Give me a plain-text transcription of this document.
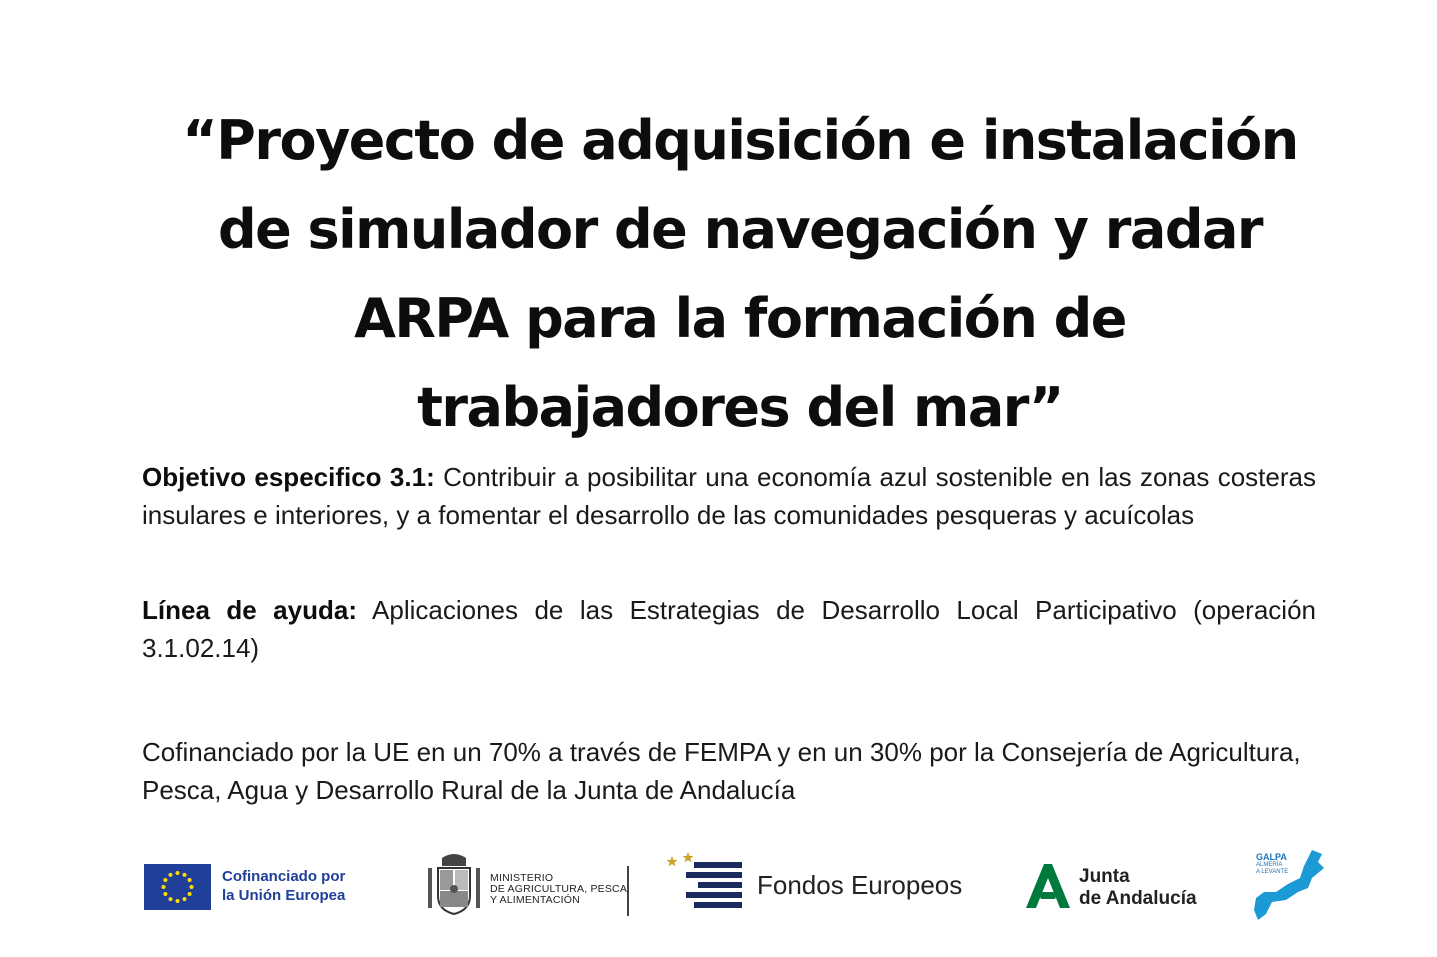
“Proyecto de adquisición e instalación
de simulador de navegación y radar
ARPA para la formación de
trabajadores del mar”
Objetivo especifico 3.1: Contribuir a posibilitar una economía azul sostenible en las zonas costeras insulares e interiores, y a fomentar el desarrollo de las comunidades pesqueras y acuícolas
Línea de ayuda: Aplicaciones de las Estrategias de Desarrollo Local Participativo (operación 3.1.02.14)
Cofinanciado por la UE en un 70% a través de FEMPA y en un 30% por la Consejería de Agricultura, Pesca, Agua y Desarrollo Rural de la Junta de Andalucía
Cofinanciado por
la Unión Europea
MINISTERIO
DE AGRICULTURA, PESCA
Y ALIMENTACIÓN	Fondos Europeos	Junta
de Andalucía
GALPA
ALMERÍA
A LEVANTE
